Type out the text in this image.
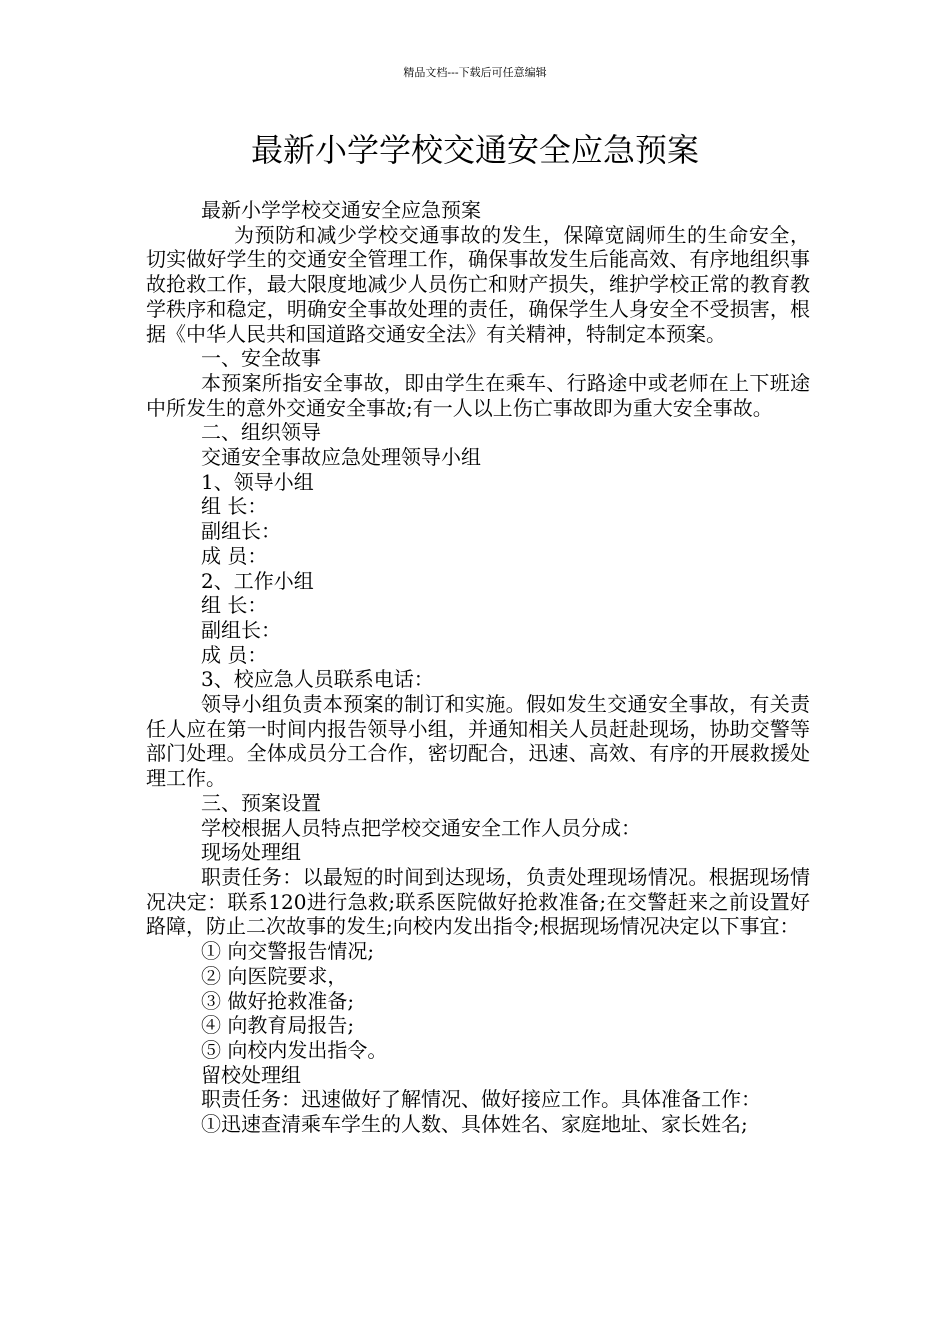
精品文档---下载后可任意编辑
最新小学学校交通安全应急预案

最新小学学校交通安全应急预案

为预防和减少学校交通事故的发生，保障宽阔师生的生命安全，切实做好学生的交通安全管理工作，确保事故发生后能高效、有序地组织事故抢救工作，最大限度地减少人员伤亡和财产损失，维护学校正常的教育教学秩序和稳定，明确安全事故处理的责任，确保学生人身安全不受损害，根据《中华人民共和国道路交通安全法》有关精神，特制定本预案。

一、安全故事

本预案所指安全事故，即由学生在乘车、行路途中或老师在上下班途中所发生的意外交通安全事故;有一人以上伤亡事故即为重大安全事故。

二、组织领导

交通安全事故应急处理领导小组

1、领导小组

组 长：

副组长：

成 员：

2、工作小组

组 长：

副组长：

成 员：

3、校应急人员联系电话：

领导小组负责本预案的制订和实施。假如发生交通安全事故，有关责任人应在第一时间内报告领导小组，并通知相关人员赶赴现场，协助交警等部门处理。全体成员分工合作，密切配合，迅速、高效、有序的开展救援处理工作。

三、预案设置

学校根据人员特点把学校交通安全工作人员分成：

现场处理组

职责任务：以最短的时间到达现场，负责处理现场情况。根据现场情况决定：联系120进行急救;联系医院做好抢救准备;在交警赶来之前设置好路障，防止二次故事的发生;向校内发出指令;根据现场情况决定以下事宜：

① 向交警报告情况;

② 向医院要求，

③ 做好抢救准备;

④ 向教育局报告;

⑤ 向校内发出指令。

留校处理组

职责任务：迅速做好了解情况、做好接应工作。具体准备工作：

①迅速查清乘车学生的人数、具体姓名、家庭地址、家长姓名;
